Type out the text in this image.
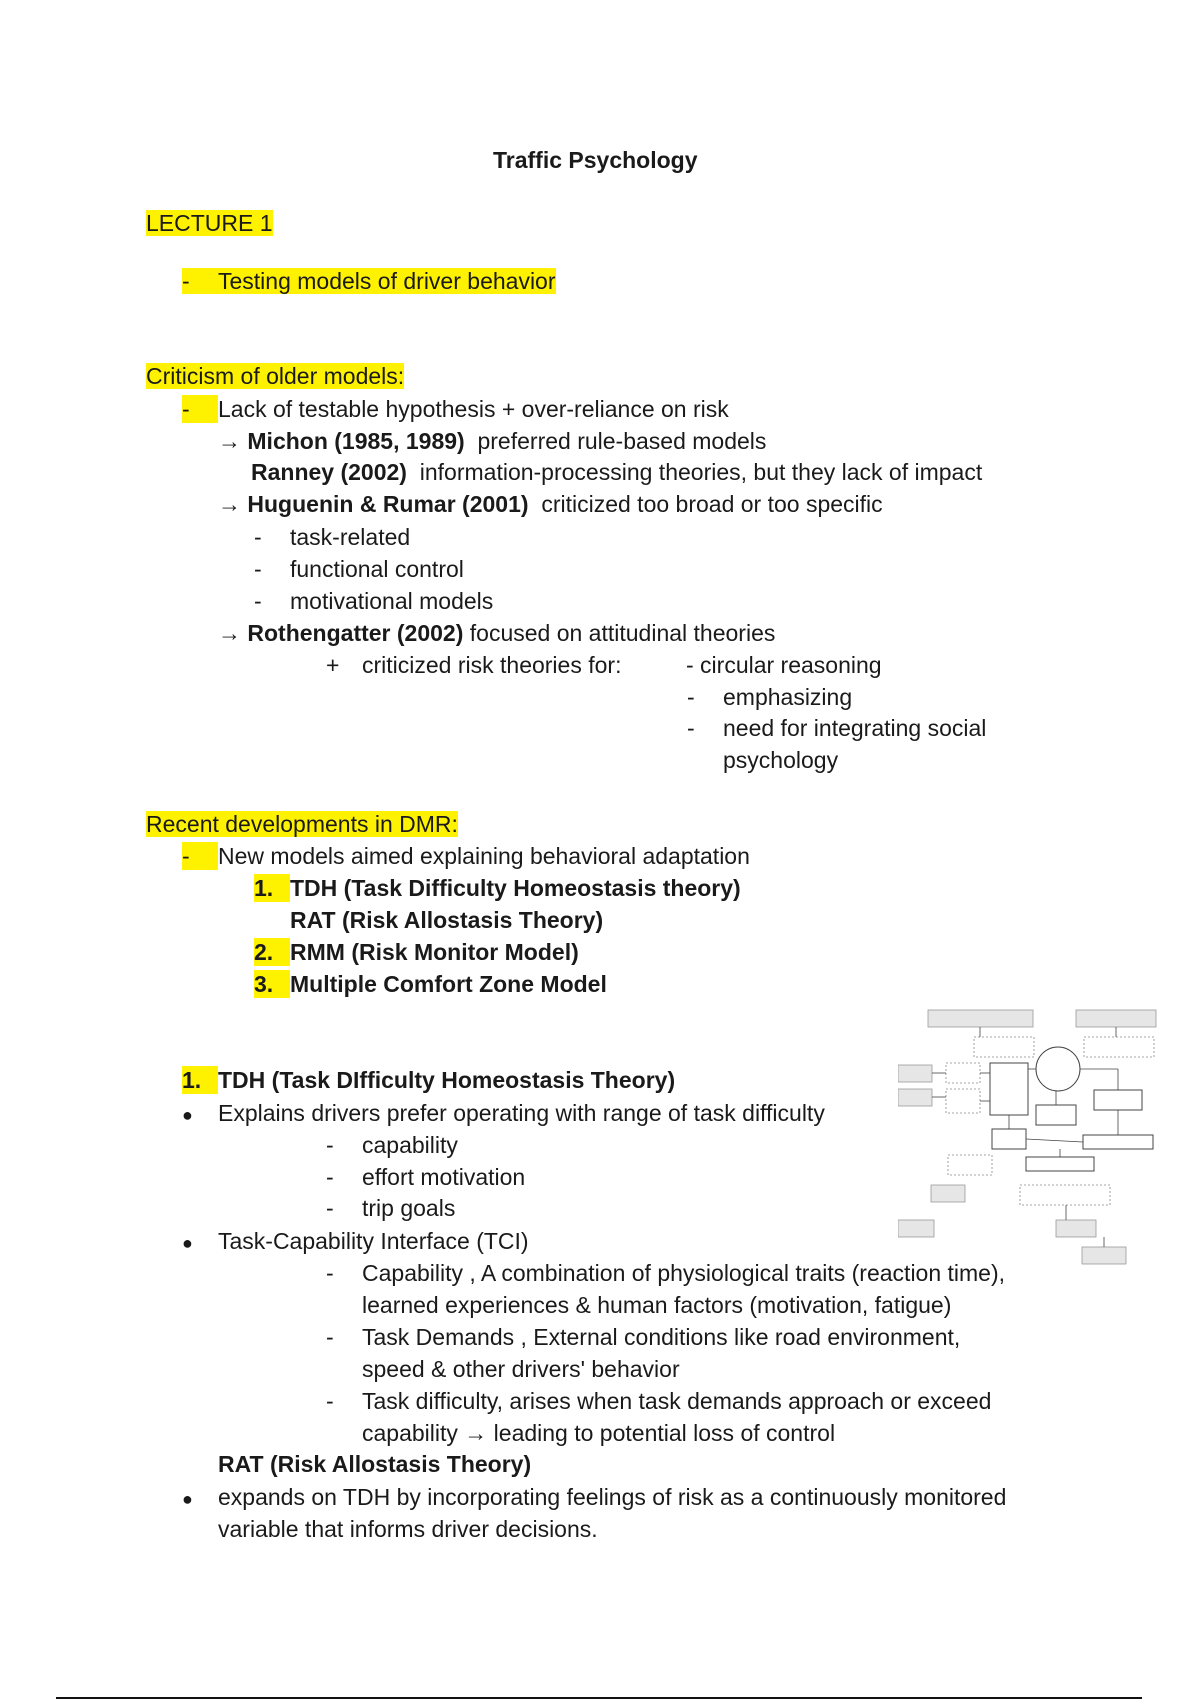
Traffic Psychology
LECTURE 1
- Testing models of driver behavior
Criticism of older models:
- Lack of testable hypothesis + over-reliance on risk
→ Michon (1985, 1989) preferred rule-based models
Ranney (2002) information-processing theories, but they lack of impact
→ Huguenin & Rumar (2001) criticized too broad or too specific
- task-related
- functional control
- motivational models
→ Rothengatter (2002) focused on attitudinal theories
+ criticized risk theories for:	- circular reasoning
- emphasizing
- need for integrating social
psychology
Recent developments in DMR:
- New models aimed explaining behavioral adaptation
1. TDH (Task Difficulty Homeostasis theory)
RAT (Risk Allostasis Theory)
2. RMM (Risk Monitor Model)
3. Multiple Comfort Zone Model
1. TDH (Task DIfficulty Homeostasis Theory)
● Explains drivers prefer operating with range of task difficulty
- capability
- effort motivation
- trip goals
● Task-Capability Interface (TCI)
- Capability , A combination of physiological traits (reaction time),
learned experiences & human factors (motivation, fatigue)
- Task Demands , External conditions like road environment,
speed & other drivers' behavior
- Task difficulty, arises when task demands approach or exceed
capability → leading to potential loss of control
RAT (Risk Allostasis Theory)
● expands on TDH by incorporating feelings of risk as a continuously monitored
variable that informs driver decisions.
